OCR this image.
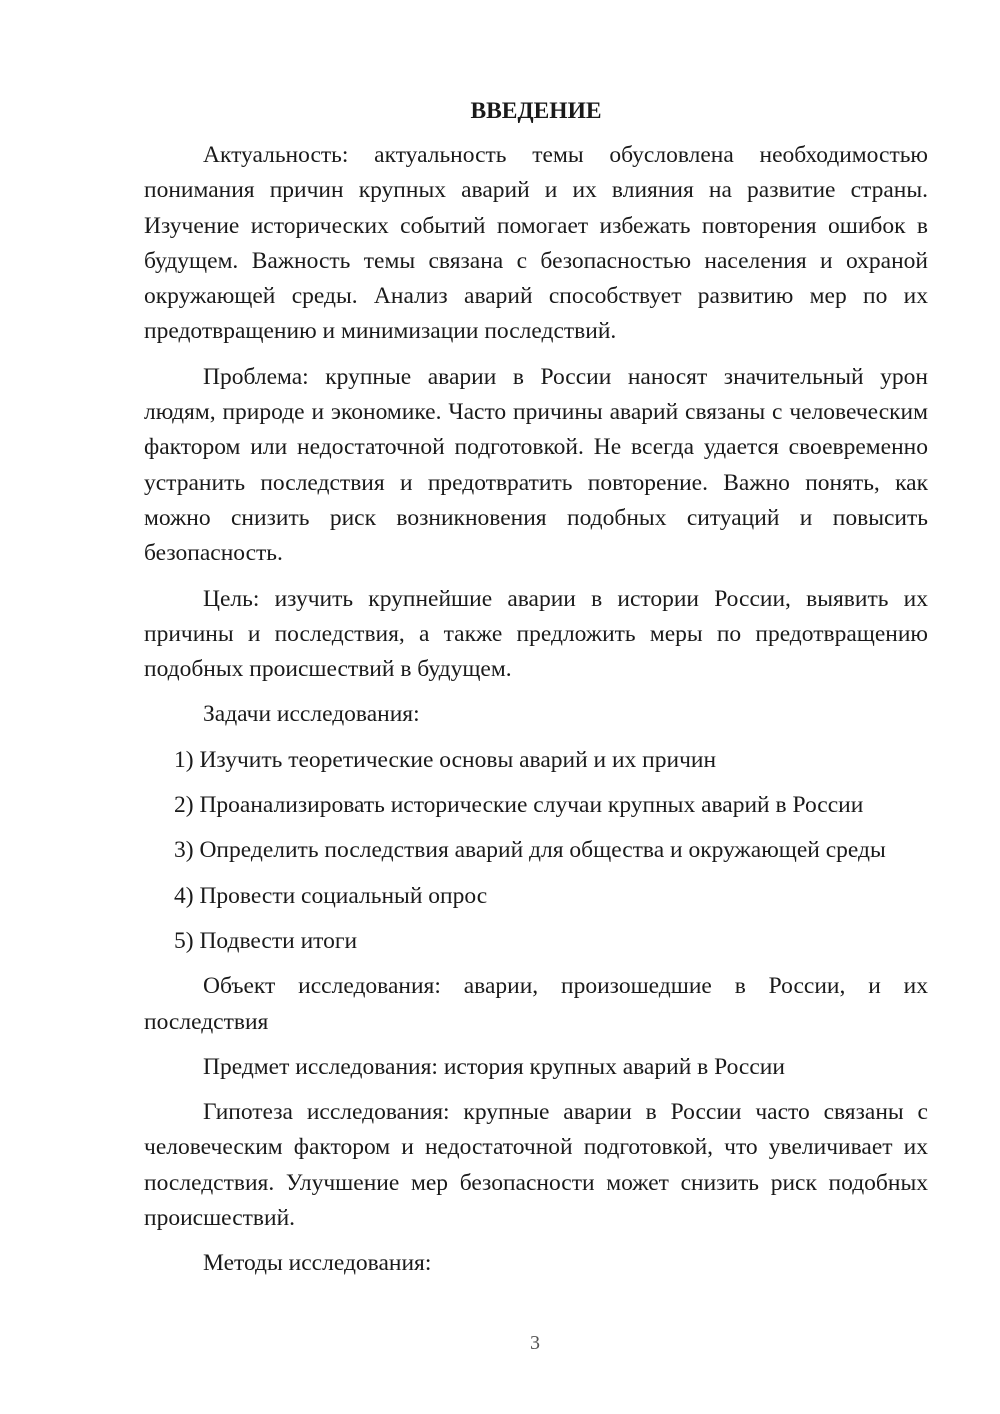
ВВЕДЕНИЕ

Актуальность: актуальность темы обусловлена необходимостью понимания причин крупных аварий и их влияния на развитие страны. Изучение исторических событий помогает избежать повторения ошибок в будущем. Важность темы связана с безопасностью населения и охраной окружающей среды. Анализ аварий способствует развитию мер по их предотвращению и минимизации последствий.

Проблема: крупные аварии в России наносят значительный урон людям, природе и экономике. Часто причины аварий связаны с человеческим фактором или недостаточной подготовкой. Не всегда удается своевременно устранить последствия и предотвратить повторение. Важно понять, как можно снизить риск возникновения подобных ситуаций и повысить безопасность.

Цель: изучить крупнейшие аварии в истории России, выявить их причины и последствия, а также предложить меры по предотвращению подобных происшествий в будущем.

Задачи исследования:

1) Изучить теоретические основы аварий и их причин
2) Проанализировать исторические случаи крупных аварий в России
3) Определить последствия аварий для общества и окружающей среды
4) Провести социальный опрос
5) Подвести итоги

Объект исследования: аварии, произошедшие в России, и их последствия

Предмет исследования: история крупных аварий в России

Гипотеза исследования: крупные аварии в России часто связаны с человеческим фактором и недостаточной подготовкой, что увеличивает их последствия. Улучшение мер безопасности может снизить риск подобных происшествий.

Методы исследования:

3
